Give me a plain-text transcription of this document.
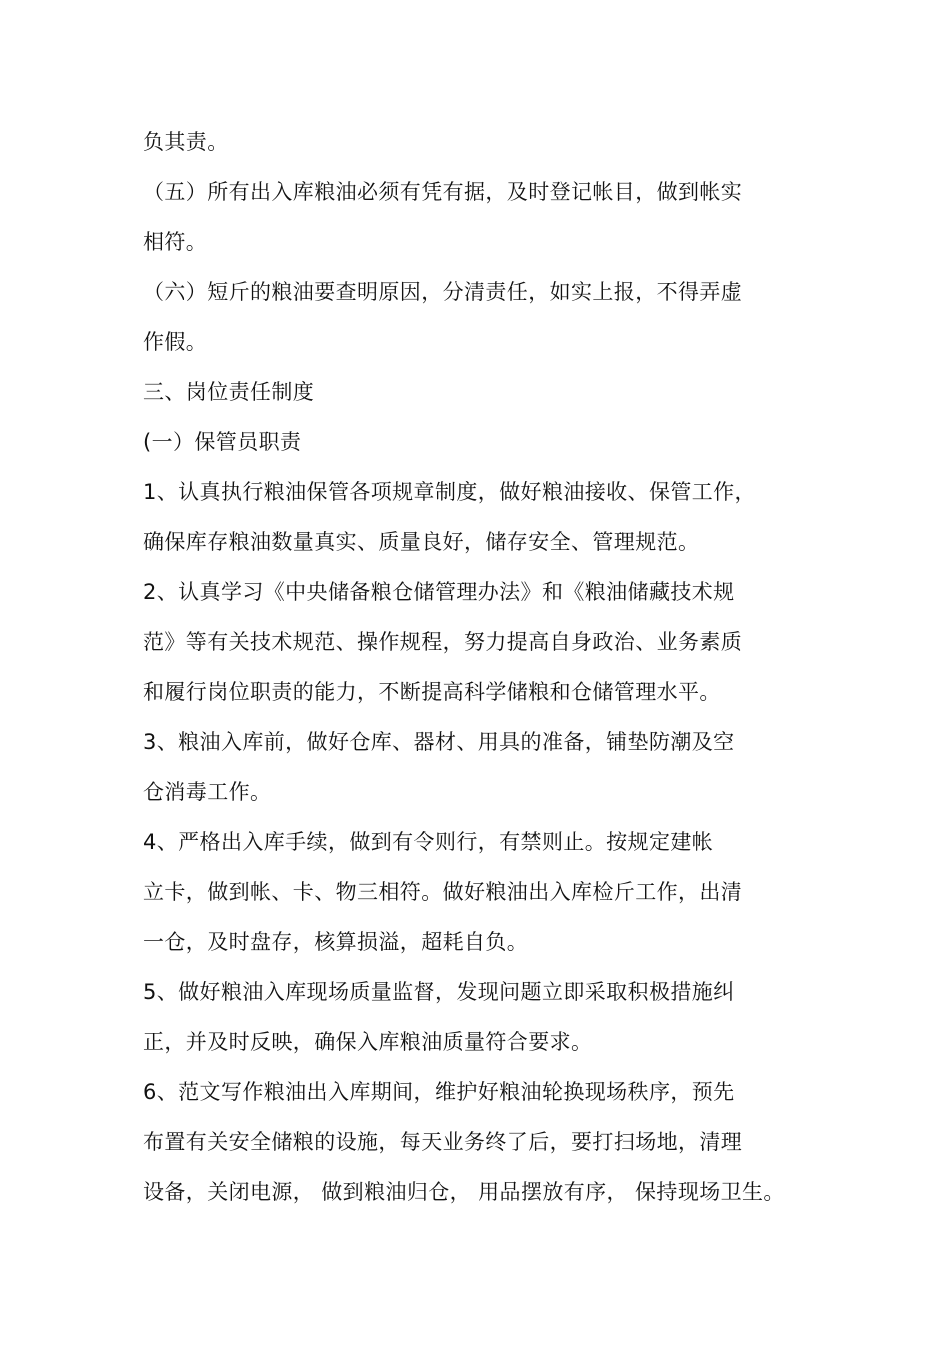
负其责。
（五）所有出入库粮油必须有凭有据，及时登记帐目，做到帐实
相符。
（六）短斤的粮油要查明原因，分清责任，如实上报，不得弄虚
作假。
三、岗位责任制度
(一）保管员职责
1、认真执行粮油保管各项规章制度，做好粮油接收、保管工作，
确保库存粮油数量真实、质量良好，储存安全、管理规范。
2、认真学习《中央储备粮仓储管理办法》和《粮油储藏技术规
范》等有关技术规范、操作规程，努力提高自身政治、业务素质
和履行岗位职责的能力，不断提高科学储粮和仓储管理水平。
3、粮油入库前，做好仓库、器材、用具的准备，铺垫防潮及空
仓消毒工作。
4、严格出入库手续，做到有令则行，有禁则止。按规定建帐
立卡，做到帐、卡、物三相符。做好粮油出入库检斤工作，出清
一仓，及时盘存，核算损溢，超耗自负。
5、做好粮油入库现场质量监督，发现问题立即采取积极措施纠
正，并及时反映，确保入库粮油质量符合要求。
6、范文写作粮油出入库期间，维护好粮油轮换现场秩序，预先
布置有关安全储粮的设施，每天业务终了后，要打扫场地，清理
设备，关闭电源， 做到粮油归仓， 用品摆放有序， 保持现场卫生。
